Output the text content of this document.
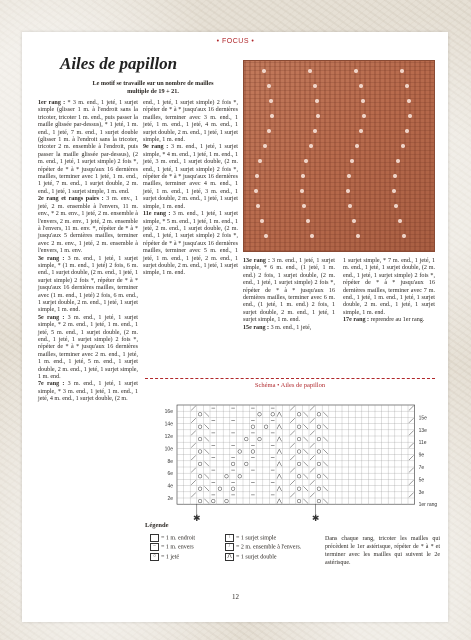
• FOCUS •
Ailes de papillon
Le motif se travaille sur un nombre de mailles multiple de 19 + 21.

1er rang : * 3 m. end., 1 jeté, 1 surjet simple (glisser 1 m. à l'endroit sans la tricoter, tricoter 1 m. end., puis passer la maille glissée par-dessus), * 1 jeté, 1 m. end., 1 jeté, 7 m. end., 1 surjet double (glisser 1 m. à l'endroit sans la tricoter, tricoter 2 m. ensemble à l'endroit, puis passer la maille glissée par-dessus), (2 m. end., 1 jeté, 1 surjet simple) 2 fois *, répéter de * à * jusqu'aux 16 dernières mailles, terminer avec 1 jeté, 1 m. end., 1 jeté, 7 m. end., 1 surjet double, 2 m. end., 1 jeté, 1 surjet simple, 1 m. end.

2e rang et rangs pairs : 3 m. env., 1 jeté, 2 m. ensemble à l'envers, 11 m. env., * 2 m. env., 1 jeté, 2 m. ensemble à l'envers, 2 m. env., 1 jeté, 2 m. ensemble à l'envers, 11 m. env. *, répéter de * à * jusqu'aux 5 dernières mailles, terminer avec 2 m. env., 1 jeté, 2 m. ensemble à l'envers, 1 m. env.

3e rang : 3 m. end., 1 jeté, 1 surjet simple, * (1 m. end., 1 jeté) 2 fois, 6 m. end., 1 surjet double, (2 m. end., 1 jeté, 1 surjet simple) 2 fois *, répéter de * à * jusqu'aux 16 dernières mailles, terminer avec (1 m. end., 1 jeté) 2 fois, 6 m. end., 1 surjet double, 2 m. end., 1 jeté, 1 surjet simple, 1 m. end.

5e rang : 3 m. end., 1 jeté, 1 surjet simple, * 2 m. end., 1 jeté, 1 m. end., 1 jeté, 5 m. end., 1 surjet double, (2 m. end., 1 jeté, 1 surjet simple) 2 fois *, répéter de * à * jusqu'aux 16 dernières mailles, terminer avec 2 m. end., 1 jeté, 1 m. end., 1 jeté, 5 m. end., 1 surjet double, 2 m. end., 1 jeté, 1 surjet simple, 1 m. end.

7e rang : 3 m. end., 1 jeté, 1 surjet simple, * 3 m. end., 1 jeté, 1 m. end., 1 jeté, 4 m. end., 1 surjet double, (2 m.

end., 1 jeté, 1 surjet simple) 2 fois *, répéter de * à * jusqu'aux 16 dernières mailles, terminer avec 3 m. end., 1 jeté, 1 m. end., 1 jeté, 4 m. end., 1 surjet double, 2 m. end., 1 jeté, 1 surjet simple, 1 m. end.

9e rang : 3 m. end., 1 jeté, 1 surjet simple, * 4 m. end., 1 jeté, 1 m. end., 1 jeté, 3 m. end., 1 surjet double, (2 m. end., 1 jeté, 1 surjet simple) 2 fois *, répéter de * à * jusqu'aux 16 dernières mailles, terminer avec 4 m. end., 1 jeté, 1 m. end., 1 jeté, 3 m. end., 1 surjet double, 2 m. end., 1 jeté, 1 surjet simple, 1 m. end.

11e rang : 3 m. end., 1 jeté, 1 surjet simple, * 5 m. end., 1 jeté, 1 m. end., 1 jeté, 2 m. end., 1 surjet double, (2 m. end., 1 jeté, 1 surjet simple) 2 fois *, répéter de * à * jusqu'aux 16 dernières mailles, terminer avec 5 m. end., 1 jeté, 1 m. end., 1 jeté, 2 m. end., 1 surjet double, 2 m. end., 1 jeté, 1 surjet simple, 1 m. end.

13e rang : 3 m. end., 1 jeté, 1 surjet simple, * 6 m. end., (1 jeté, 1 m. end.) 2 fois, 1 surjet double, (2 m. end., 1 jeté, 1 surjet simple) 2 fois *, répéter de * à * jusqu'aux 16 dernières mailles, terminer avec 6 m. end., (1 jeté, 1 m. end.) 2 fois, 1 surjet double, 2 m. end., 1 jeté, 1 surjet simple, 1 m. end.

15e rang : 3 m. end., 1 jeté,

1 surjet simple, * 7 m. end., 1 jeté, 1 m. end., 1 jeté, 1 surjet double, (2 m. end., 1 jeté, 1 surjet simple) 2 fois *, répéter de * à * jusqu'aux 16 dernières mailles, terminer avec 7 m. end., 1 jeté, 1 m. end., 1 jeté, 1 surjet double, 2 m. end., 1 jeté, 1 surjet simple, 1 m. end.

17e rang : reprendre au 1er rang.

Schéma • Ailes de papillon
16e
14e
12e
10e
8e
6e
4e
2e
15e
13e
11e
9e
7e
5e
3e
1er rang
✱	✱
Légende
= 1 m. endroit
– = 1 m. envers
○ = 1 jeté
\ = 1 surjet simple
/ = 2 m. ensemble à l'envers.
⋀ = 1 surjet double
Dans chaque rang, tricoter les mailles qui précèdent le 1er astérisque, répéter de * à * et terminer avec les mailles qui suivent le 2e astérisque.
12
